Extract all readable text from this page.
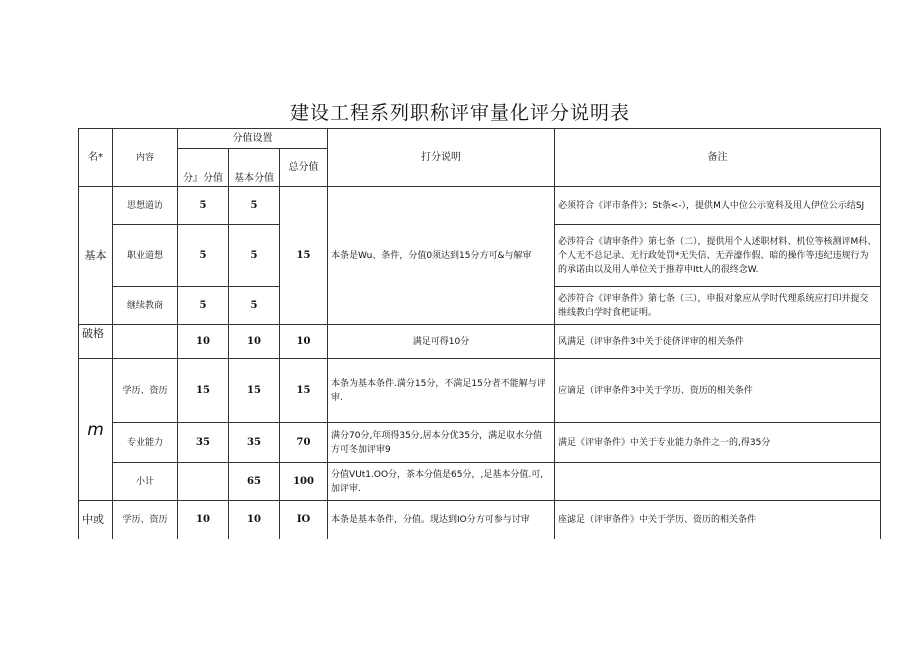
建设工程系列职称评审量化评分说明表
名*	内容	分值设置			打分说明	备注
		分』分值	基本分值	总分值		
基本	思想道访	5	5	15	本条是Wu、条件，分值0须达到15分方可&与解审	必须符合《评市条件》；St条<-），提供M人中位公示宽科及用人伊位公示结SJ
	职业道想	5	5			必涉符合《请审条件》第七条（二），提供用个人述职材料、机位等核测评M科、个人无不总记录、无行政处罚*无失信、无弄濠作假、暗的操作等违纪违规行为的承诺由以及用人单位关于推荐申Itt人的很终念W.
	继续教商	5	5			必涉符合《评审条件》第七条（三），申报对象应从学时代理系统应打印并提交维线教白学时食杷证明。
破格		10	10	10	满足可得10分	风满足（评审条件3中关于徒侪评审的相关条件
m	学历、资历	15	15	15	本条为基本条件.満分15分，不満足15分者不能解与评审.	应谪足（评审条件3中关于学历、资历的相关条件
	专业能力	35	35	70	满分70分,年项得35分,居本分优35分，满足収水分值方可冬加评审9	满足《评审条件》中关于专业能力条件之一的,得35分
	小计		65	100	分值VUt1.OO分，茶本分值是65分，,足基本分值.可,加评审.	
中或	学历、资历	10	10	IO	本条是基本条件，分值。现达到IO分方可参与讨审	座滤足（评审条件》中关于学历、资历的相关条件
